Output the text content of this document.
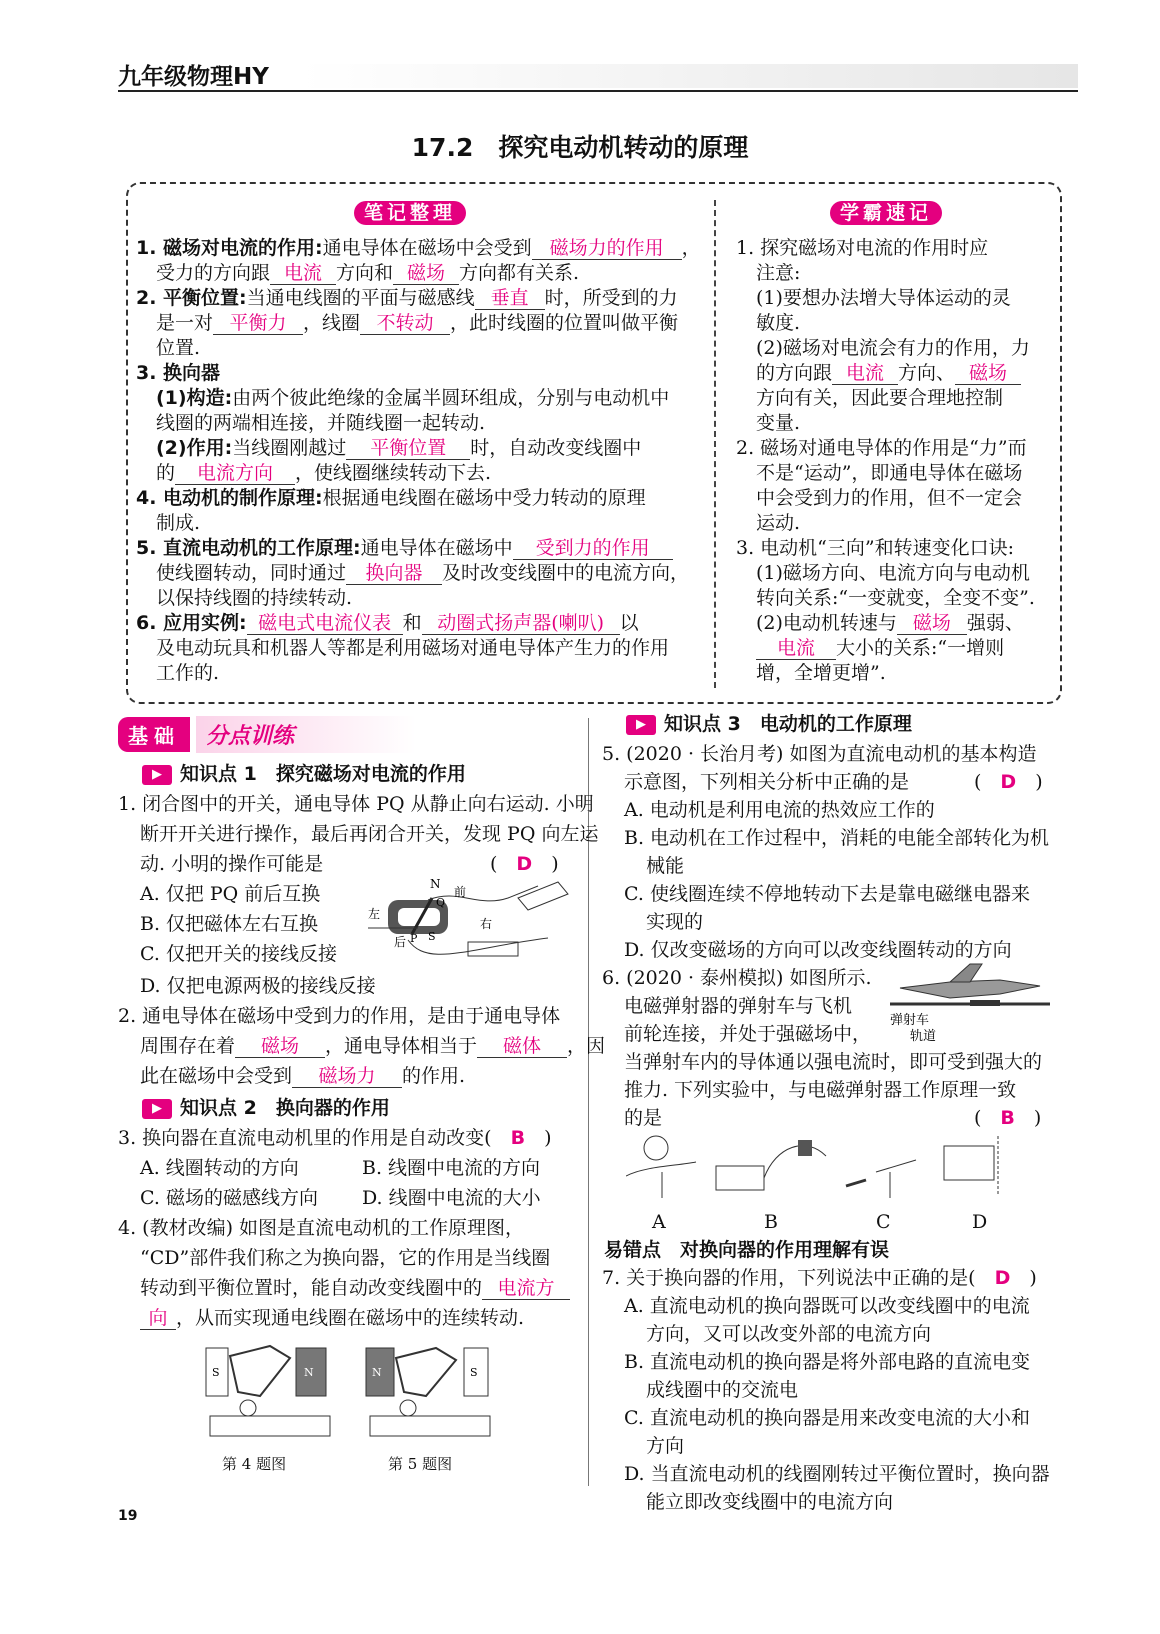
九年级物理HY
17.2　探究电动机转动的原理
笔记整理	学霸速记
1. 磁场对电流的作用:通电导体在磁场中会受到 磁场力的作用 ，
受力的方向跟 电流 方向和 磁场 方向都有关系.
2. 平衡位置:当通电线圈的平面与磁感线 垂直 时，所受到的力
是一对 平衡力 ，线圈 不转动 ，此时线圈的位置叫做平衡
位置.
3. 换向器
(1)构造:由两个彼此绝缘的金属半圆环组成，分别与电动机中
线圈的两端相连接，并随线圈一起转动.
(2)作用:当线圈刚越过 平衡位置 时，自动改变线圈中
的 电流方向 ，使线圈继续转动下去.
4. 电动机的制作原理:根据通电线圈在磁场中受力转动的原理
制成.
5. 直流电动机的工作原理:通电导体在磁场中 受到力的作用
使线圈转动，同时通过 换向器 及时改变线圈中的电流方向，
以保持线圈的持续转动.
6. 应用实例: 磁电式电流仪表 和 动圈式扬声器(喇叭) 以
及电动玩具和机器人等都是利用磁场对通电导体产生力的作用
工作的.
1. 探究磁场对电流的作用时应
注意:
(1)要想办法增大导体运动的灵
敏度.
(2)磁场对电流会有力的作用，力
的方向跟 电流 方向、 磁场
方向有关，因此要合理地控制
变量.
2. 磁场对通电导体的作用是“力”而
不是“运动”，即通电导体在磁场
中会受到力的作用，但不一定会
运动.
3. 电动机“三向”和转速变化口诀:
(1)磁场方向、电流方向与电动机
转向关系:“一变就变，全变不变”.
(2)电动机转速与 磁场 强弱、
电流 大小的关系:“一增则
增，全增更增”.
基础 分点训练
▶ 知识点 1　探究磁场对电流的作用
1. 闭合图中的开关，通电导体 PQ 从静止向右运动. 小明
断开开关进行操作，最后再闭合开关，发现 PQ 向左运
动. 小明的操作可能是	(　D　)
A. 仅把 PQ 前后互换
B. 仅把磁体左右互换
C. 仅把开关的接线反接
D. 仅把电源两极的接线反接
N
前
左
右
后 P
Q
S
2. 通电导体在磁场中受到力的作用，是由于通电导体
周围存在着 磁场 ，通电导体相当于 磁体 ，因
此在磁场中会受到 磁场力 的作用.
▶ 知识点 2　换向器的作用
3. 换向器在直流电动机里的作用是自动改变(　B　)
A. 线圈转动的方向	B. 线圈中电流的方向
C. 磁场的磁感线方向 D. 线圈中电流的大小
4. (教材改编) 如图是直流电动机的工作原理图，
“CD”部件我们称之为换向器，它的作用是当线圈
转动到平衡位置时，能自动改变线圈中的 电流方
向 ，从而实现通电线圈在磁场中的连续转动.
S	N	N	S
第 4 题图	第 5 题图
▶ 知识点 3　电动机的工作原理
5. (2020 · 长治月考) 如图为直流电动机的基本构造
示意图，下列相关分析中正确的是	(　D　)
A. 电动机是利用电流的热效应工作的
B. 电动机在工作过程中，消耗的电能全部转化为机
械能
C. 使线圈连续不停地转动下去是靠电磁继电器来
实现的
D. 仅改变磁场的方向可以改变线圈转动的方向
6. (2020 · 泰州模拟) 如图所示.
电磁弹射器的弹射车与飞机
前轮连接，并处于强磁场中，
当弹射车内的导体通以强电流时，即可受到强大的
推力. 下列实验中，与电磁弹射器工作原理一致
的是	(　B　)
弹射车
轨道
A	B	C	D
易错点　对换向器的作用理解有误
7. 关于换向器的作用，下列说法中正确的是(　D　)
A. 直流电动机的换向器既可以改变线圈中的电流
方向，又可以改变外部的电流方向
B. 直流电动机的换向器是将外部电路的直流电变
成线圈中的交流电
C. 直流电动机的换向器是用来改变电流的大小和
方向
D. 当直流电动机的线圈刚转过平衡位置时，换向器
能立即改变线圈中的电流方向
19
